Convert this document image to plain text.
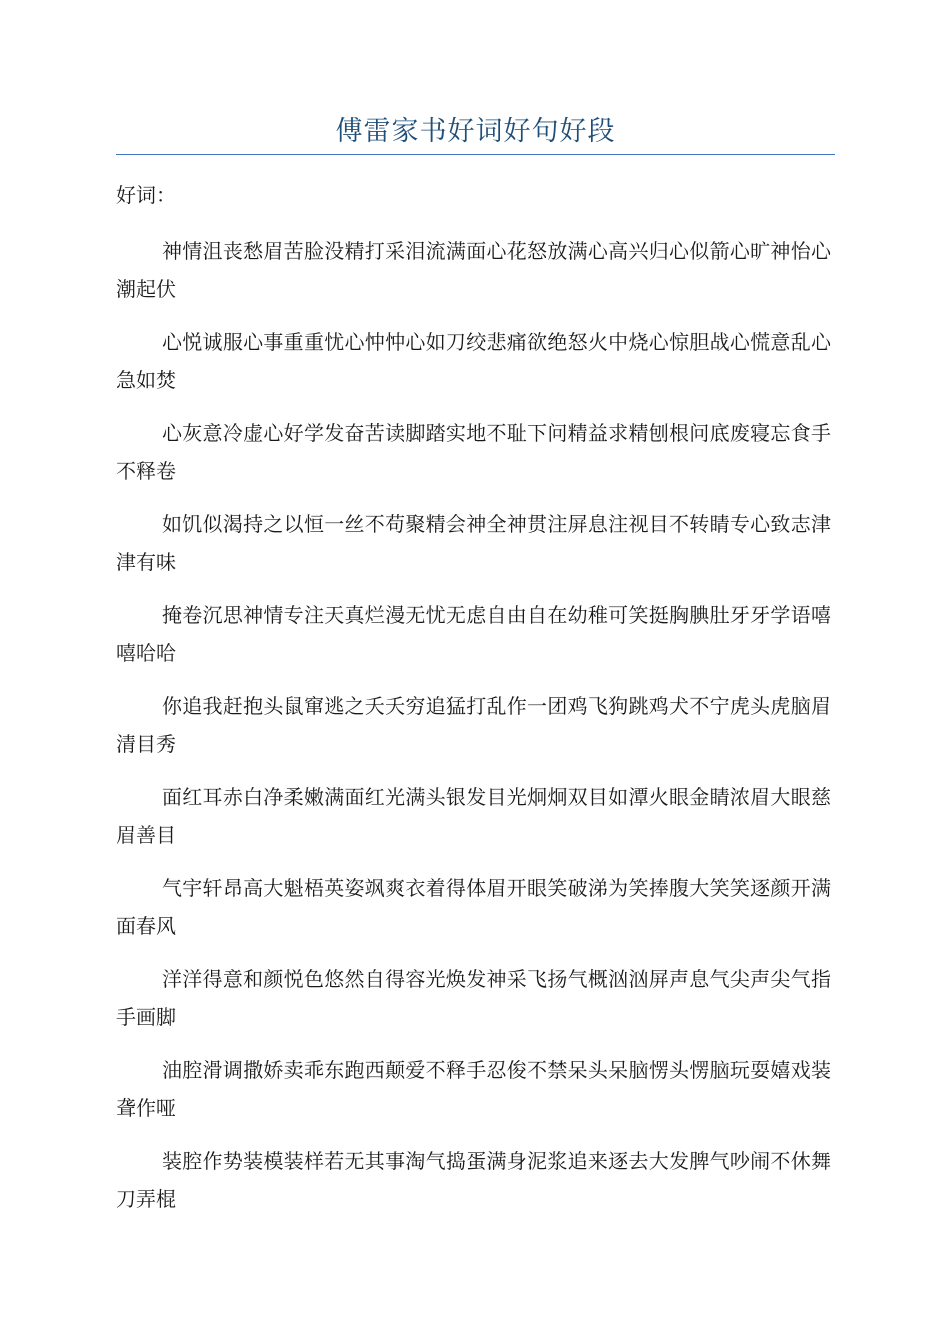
傅雷家书好词好句好段
好词：

神情沮丧愁眉苦脸没精打采泪流满面心花怒放满心高兴归心似箭心旷神怡心潮起伏

心悦诚服心事重重忧心忡忡心如刀绞悲痛欲绝怒火中烧心惊胆战心慌意乱心急如焚

心灰意冷虚心好学发奋苦读脚踏实地不耻下问精益求精刨根问底废寝忘食手不释卷

如饥似渴持之以恒一丝不苟聚精会神全神贯注屏息注视目不转睛专心致志津津有味

掩卷沉思神情专注天真烂漫无忧无虑自由自在幼稚可笑挺胸腆肚牙牙学语嘻嘻哈哈

你追我赶抱头鼠窜逃之夭夭穷追猛打乱作一团鸡飞狗跳鸡犬不宁虎头虎脑眉清目秀

面红耳赤白净柔嫩满面红光满头银发目光炯炯双目如潭火眼金睛浓眉大眼慈眉善目

气宇轩昂高大魁梧英姿飒爽衣着得体眉开眼笑破涕为笑捧腹大笑笑逐颜开满面春风

洋洋得意和颜悦色悠然自得容光焕发神采飞扬气概汹汹屏声息气尖声尖气指手画脚

油腔滑调撒娇卖乖东跑西颠爱不释手忍俊不禁呆头呆脑愣头愣脑玩耍嬉戏装聋作哑

装腔作势装模装样若无其事淘气捣蛋满身泥浆追来逐去大发脾气吵闹不休舞刀弄棍
